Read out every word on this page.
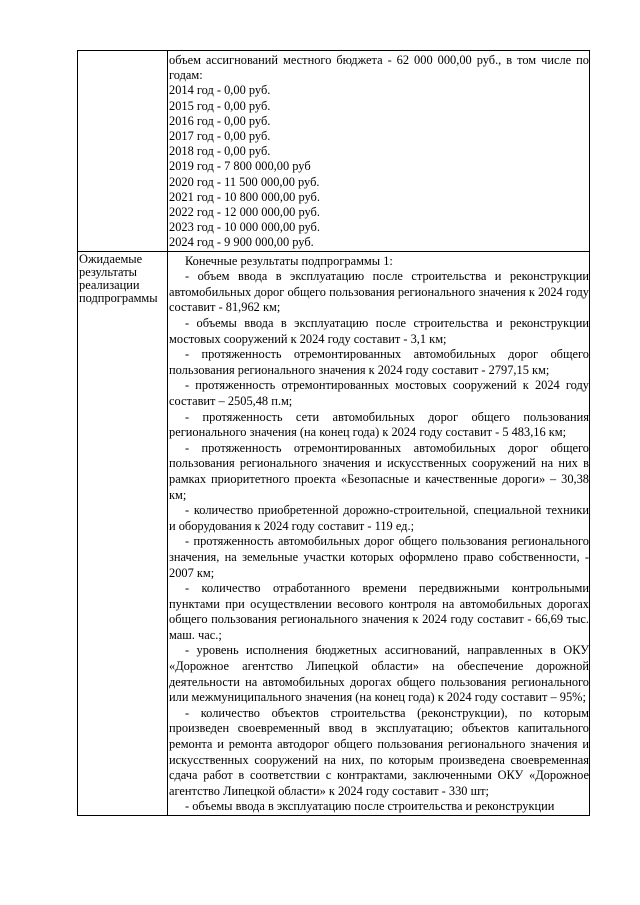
объем ассигнований местного бюджета - 62 000 000,00 руб., в том числе по годам:
2014 год - 0,00 руб.
2015 год - 0,00 руб.
2016 год - 0,00 руб.
2017 год - 0,00 руб.
2018 год - 0,00 руб.
2019 год - 7 800 000,00 руб
2020 год - 11 500 000,00 руб.
2021 год - 10 800 000,00 руб.
2022 год - 12 000 000,00 руб.
2023 год - 10 000 000,00 руб.
2024 год - 9 900 000,00 руб.
Ожидаемые
результаты
реализации
подпрограммы
Конечные результаты подпрограммы 1:
- объем ввода в эксплуатацию после строительства и реконструкции автомобильных дорог общего пользования регионального значения к 2024 году составит - 81,962 км;
- объемы ввода в эксплуатацию после строительства и реконструкции мостовых сооружений к 2024 году составит - 3,1 км;
- протяженность отремонтированных автомобильных дорог общего пользования регионального значения к 2024 году составит - 2797,15 км;
- протяженность отремонтированных мостовых сооружений к 2024 году составит – 2505,48 п.м;
- протяженность сети автомобильных дорог общего пользования регионального значения (на конец года) к 2024 году составит - 5 483,16 км;
- протяженность отремонтированных автомобильных дорог общего пользования регионального значения и искусственных сооружений на них в рамках приоритетного проекта «Безопасные и качественные дороги» – 30,38 км;
- количество приобретенной дорожно-строительной, специальной техники и оборудования к 2024 году составит - 119 ед.;
- протяженность автомобильных дорог общего пользования регионального значения, на земельные участки которых оформлено право собственности, - 2007 км;
- количество отработанного времени передвижными контрольными пунктами при осуществлении весового контроля на автомобильных дорогах общего пользования регионального значения к 2024 году составит - 66,69 тыс. маш. час.;
- уровень исполнения бюджетных ассигнований, направленных в ОКУ «Дорожное агентство Липецкой области» на обеспечение дорожной деятельности на автомобильных дорогах общего пользования регионального или межмуниципального значения (на конец года) к 2024 году составит – 95%;
- количество объектов строительства (реконструкции), по которым произведен своевременный ввод в эксплуатацию; объектов капитального ремонта и ремонта автодорог общего пользования регионального значения и искусственных сооружений на них, по которым произведена своевременная сдача работ в соответствии с контрактами, заключенными ОКУ «Дорожное агентство Липецкой области» к 2024 году составит - 330 шт;
- объемы ввода в эксплуатацию после строительства и реконструкции
